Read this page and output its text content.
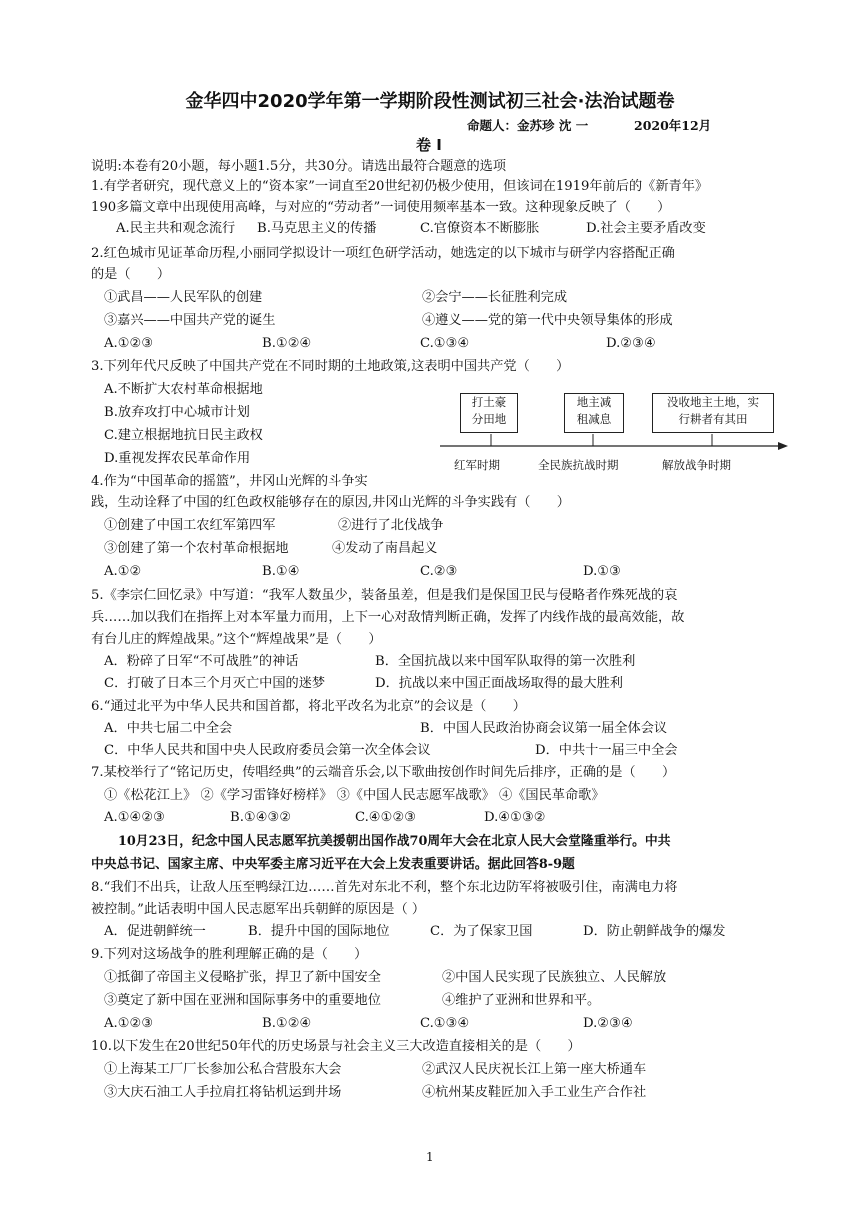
金华四中2020学年第一学期阶段性测试初三社会·法治试题卷
命题人：金苏珍 沈 一	2020年12月
卷 I
说明:本卷有20小题，每小题1.5分，共30分。请选出最符合题意的选项
1.有学者研究，现代意义上的“资本家”一词直至20世纪初仍极少使用，但该词在1919年前后的《新青年》
190多篇文章中出现使用高峰，与对应的“劳动者”一词使用频率基本一致。这种现象反映了（　　）
A.民主共和观念流行 B.马克思主义的传播	C.官僚资本不断膨胀	D.社会主要矛盾改变
2.红色城市见证革命历程,小丽同学拟设计一项红色研学活动，她选定的以下城市与研学内容搭配正确
的是（　　）
①武昌——人民军队的创建	②会宁——长征胜利完成
③嘉兴——中国共产党的诞生	④遵义——党的第一代中央领导集体的形成
A.①②③	B.①②④	C.①③④	D.②③④
3.下列年代尺反映了中国共产党在不同时期的土地政策,这表明中国共产党（　　）
A.不断扩大农村革命根据地
B.放弃攻打中心城市计划
C.建立根据地抗日民主政权
D.重视发挥农民革命作用
打土豪
分田地
地主减
租减息
没收地主土地，实
行耕者有其田
红军时期	全民族抗战时期	解放战争时期
4.作为“中国革命的摇篮”，井冈山光辉的斗争实
践，生动诠释了中国的红色政权能够存在的原因,井冈山光辉的斗争实践有（　　）
①创建了中国工农红军第四军	②进行了北伐战争
③创建了第一个农村革命根据地	④发动了南昌起义
A.①②	B.①④	C.②③	D.①③
5.《李宗仁回忆录》中写道：“我军人数虽少，装备虽差，但是我们是保国卫民与侵略者作殊死战的哀
兵……加以我们在指挥上对本军量力而用，上下一心对敌情判断正确，发挥了内线作战的最高效能，故
有台儿庄的辉煌战果。”这个“辉煌战果”是（　　）
A．粉碎了日军“不可战胜”的神话	B．全国抗战以来中国军队取得的第一次胜利
C．打破了日本三个月灭亡中国的迷梦	D．抗战以来中国正面战场取得的最大胜利
6.“通过北平为中华人民共和国首都，将北平改名为北京”的会议是（　　）
A．中共七届二中全会	B．中国人民政治协商会议第一届全体会议
C．中华人民共和国中央人民政府委员会第一次全体会议	D．中共十一届三中全会
7.某校举行了“铭记历史，传唱经典”的云端音乐会,以下歌曲按创作时间先后排序，正确的是（　　）
①《松花江上》 ②《学习雷锋好榜样》 ③《中国人民志愿军战歌》 ④《国民革命歌》
A.①④②③	B.①④③②	C.④①②③	D.④①③②
10月23日，纪念中国人民志愿军抗美援朝出国作战70周年大会在北京人民大会堂隆重举行。中共
中央总书记、国家主席、中央军委主席习近平在大会上发表重要讲话。据此回答8-9题
8.“我们不出兵，让敌人压至鸭绿江边……首先对东北不利，整个东北边防军将被吸引住，南满电力将
被控制。”此话表明中国人民志愿军出兵朝鲜的原因是（ ）
A．促进朝鲜统一	B．提升中国的国际地位	C．为了保家卫国	D．防止朝鲜战争的爆发
9.下列对这场战争的胜利理解正确的是（　　）
①抵御了帝国主义侵略扩张，捍卫了新中国安全	②中国人民实现了民族独立、人民解放
③奠定了新中国在亚洲和国际事务中的重要地位	④维护了亚洲和世界和平。
A.①②③	B.①②④	C.①③④	D.②③④
10.以下发生在20世纪50年代的历史场景与社会主义三大改造直接相关的是（　　）
①上海某工厂厂长参加公私合营股东大会	②武汉人民庆祝长江上第一座大桥通车
③大庆石油工人手拉肩扛将钻机运到井场	④杭州某皮鞋匠加入手工业生产合作社
1
